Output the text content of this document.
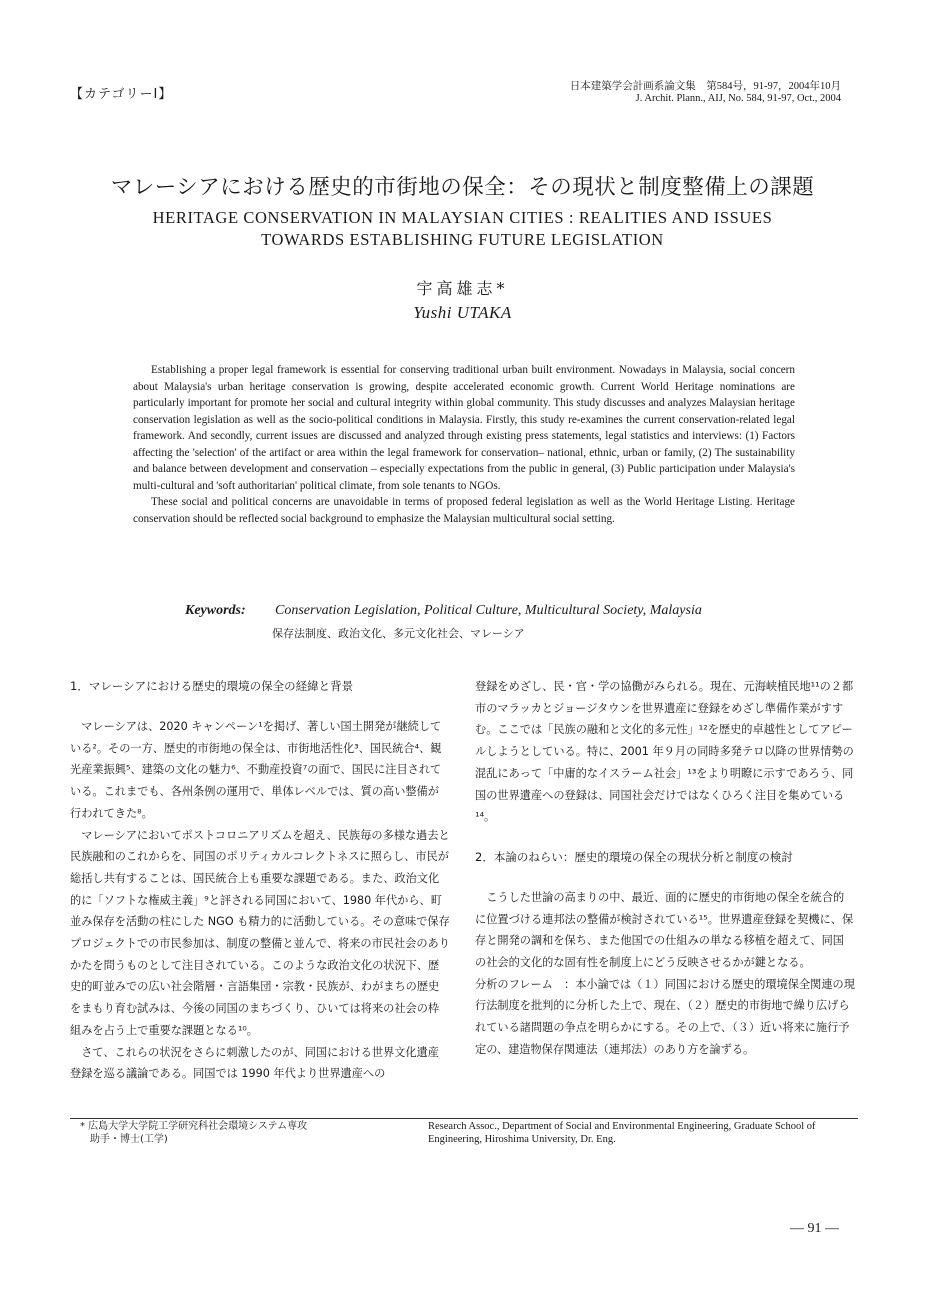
【カテゴリーⅠ】
日本建築学会計画系論文集　第584号，91-97，2004年10月
J. Archit. Plann., AIJ, No. 584, 91-97, Oct., 2004
マレーシアにおける歴史的市街地の保全：その現状と制度整備上の課題
HERITAGE CONSERVATION IN MALAYSIAN CITIES : REALITIES AND ISSUES
TOWARDS ESTABLISHING FUTURE LEGISLATION
宇高雄志*
Yushi UTAKA

Establishing a proper legal framework is essential for conserving traditional urban built environment. Nowadays in Malaysia, social concern about Malaysia's urban heritage conservation is growing, despite accelerated economic growth. Current World Heritage nominations are particularly important for promote her social and cultural integrity within global community. This study discusses and analyzes Malaysian heritage conservation legislation as well as the socio-political conditions in Malaysia. Firstly, this study re-examines the current conservation-related legal framework. And secondly, current issues are discussed and analyzed through existing press statements, legal statistics and interviews: (1) Factors affecting the 'selection' of the artifact or area within the legal framework for conservation– national, ethnic, urban or family, (2) The sustainability and balance between development and conservation – especially expectations from the public in general, (3) Public participation under Malaysia's multi-cultural and 'soft authoritarian' political climate, from sole tenants to NGOs.

These social and political concerns are unavoidable in terms of proposed federal legislation as well as the World Heritage Listing. Heritage conservation should be reflected social background to emphasize the Malaysian multicultural social setting.

Keywords: Conservation Legislation, Political Culture, Multicultural Society, Malaysia
保存法制度、政治文化、多元文化社会、マレーシア
1．マレーシアにおける歴史的環境の保全の経緯と背景

マレーシアは、2020 キャンペーン¹を掲げ、著しい国土開発が継続している²。その一方、歴史的市街地の保全は、市街地活性化³、国民統合⁴、観光産業振興⁵、建築の文化の魅力⁶、不動産投資⁷の面で、国民に注目されている。これまでも、各州条例の運用で、単体レベルでは、質の高い整備が行われてきた⁸。

マレーシアにおいてポストコロニアリズムを超え、民族毎の多様な過去と民族融和のこれからを、同国のポリティカルコレクトネスに照らし、市民が総括し共有することは、国民統合上も重要な課題である。また、政治文化的に「ソフトな権威主義」⁹と評される同国において、1980 年代から、町並み保存を活動の柱にした NGO も精力的に活動している。その意味で保存プロジェクトでの市民参加は、制度の整備と並んで、将来の市民社会のありかたを問うものとして注目されている。このような政治文化の状況下、歴史的町並みでの広い社会階層・言語集団・宗教・民族が、わがまちの歴史をまもり育む試みは、今後の同国のまちづくり、ひいては将来の社会の枠組みを占う上で重要な課題となる¹⁰。

さて、これらの状況をさらに刺激したのが、同国における世界文化遺産登録を巡る議論である。同国では 1990 年代より世界遺産への

登録をめざし、民・官・学の協働がみられる。現在、元海峡植民地¹¹の２都市のマラッカとジョージタウンを世界遺産に登録をめざし準備作業がすすむ。ここでは「民族の融和と文化的多元性」¹²を歴史的卓越性としてアピールしようとしている。特に、2001 年９月の同時多発テロ以降の世界情勢の混乱にあって「中庸的なイスラーム社会」¹³をより明瞭に示すであろう、同国の世界遺産への登録は、同国社会だけではなくひろく注目を集めている¹⁴。

2．本論のねらい：歴史的環境の保全の現状分析と制度の検討

こうした世論の高まりの中、最近、面的に歴史的市街地の保全を統合的に位置づける連邦法の整備が検討されている¹⁵。世界遺産登録を契機に、保存と開発の調和を保ち、また他国での仕組みの単なる移植を超えて、同国の社会的文化的な固有性を制度上にどう反映させるかが鍵となる。

分析のフレーム　：本小論では（１）同国における歴史的環境保全関連の現行法制度を批判的に分析した上で、現在、（２）歴史的市街地で繰り広げられている諸問題の争点を明らかにする。その上で、（３）近い将来に施行予定の、建造物保存関連法（連邦法）のあり方を論ずる。

* 広島大学大学院工学研究科社会環境システム専攻
　助手・博士(工学)
Research Assoc., Department of Social and Environmental Engineering, Graduate School of Engineering, Hiroshima University, Dr. Eng.
— 91 —
